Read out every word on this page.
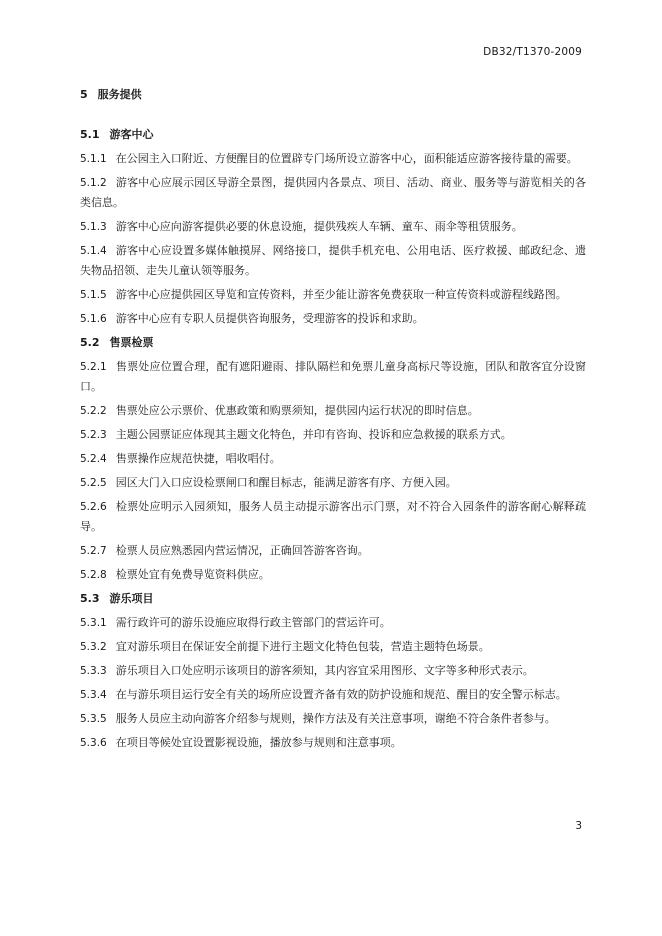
DB32/T1370-2009
5 服务提供
5.1 游客中心
5.1.1 在公园主入口附近、方便醒目的位置辟专门场所设立游客中心，面积能适应游客接待量的需要。
5.1.2 游客中心应展示园区导游全景图，提供园内各景点、项目、活动、商业、服务等与游览相关的各类信息。
5.1.3 游客中心应向游客提供必要的休息设施，提供残疾人车辆、童车、雨伞等租赁服务。
5.1.4 游客中心应设置多媒体触摸屏、网络接口，提供手机充电、公用电话、医疗救援、邮政纪念、遗失物品招领、走失儿童认领等服务。
5.1.5 游客中心应提供园区导览和宣传资料，并至少能让游客免费获取一种宣传资料或游程线路图。
5.1.6 游客中心应有专职人员提供咨询服务，受理游客的投诉和求助。
5.2 售票检票
5.2.1 售票处应位置合理，配有遮阳避雨、排队隔栏和免票儿童身高标尺等设施，团队和散客宜分设窗口。
5.2.2 售票处应公示票价、优惠政策和购票须知，提供园内运行状况的即时信息。
5.2.3 主题公园票证应体现其主题文化特色，并印有咨询、投诉和应急救援的联系方式。
5.2.4 售票操作应规范快捷，唱收唱付。
5.2.5 园区大门入口应设检票闸口和醒目标志，能满足游客有序、方便入园。
5.2.6 检票处应明示入园须知，服务人员主动提示游客出示门票，对不符合入园条件的游客耐心解释疏导。
5.2.7 检票人员应熟悉园内营运情况，正确回答游客咨询。
5.2.8 检票处宜有免费导览资料供应。
5.3 游乐项目
5.3.1 需行政许可的游乐设施应取得行政主管部门的营运许可。
5.3.2 宜对游乐项目在保证安全前提下进行主题文化特色包装，营造主题特色场景。
5.3.3 游乐项目入口处应明示该项目的游客须知，其内容宜采用图形、文字等多种形式表示。
5.3.4 在与游乐项目运行安全有关的场所应设置齐备有效的防护设施和规范、醒目的安全警示标志。
5.3.5 服务人员应主动向游客介绍参与规则，操作方法及有关注意事项，谢绝不符合条件者参与。
5.3.6 在项目等候处宜设置影视设施，播放参与规则和注意事项。
3
